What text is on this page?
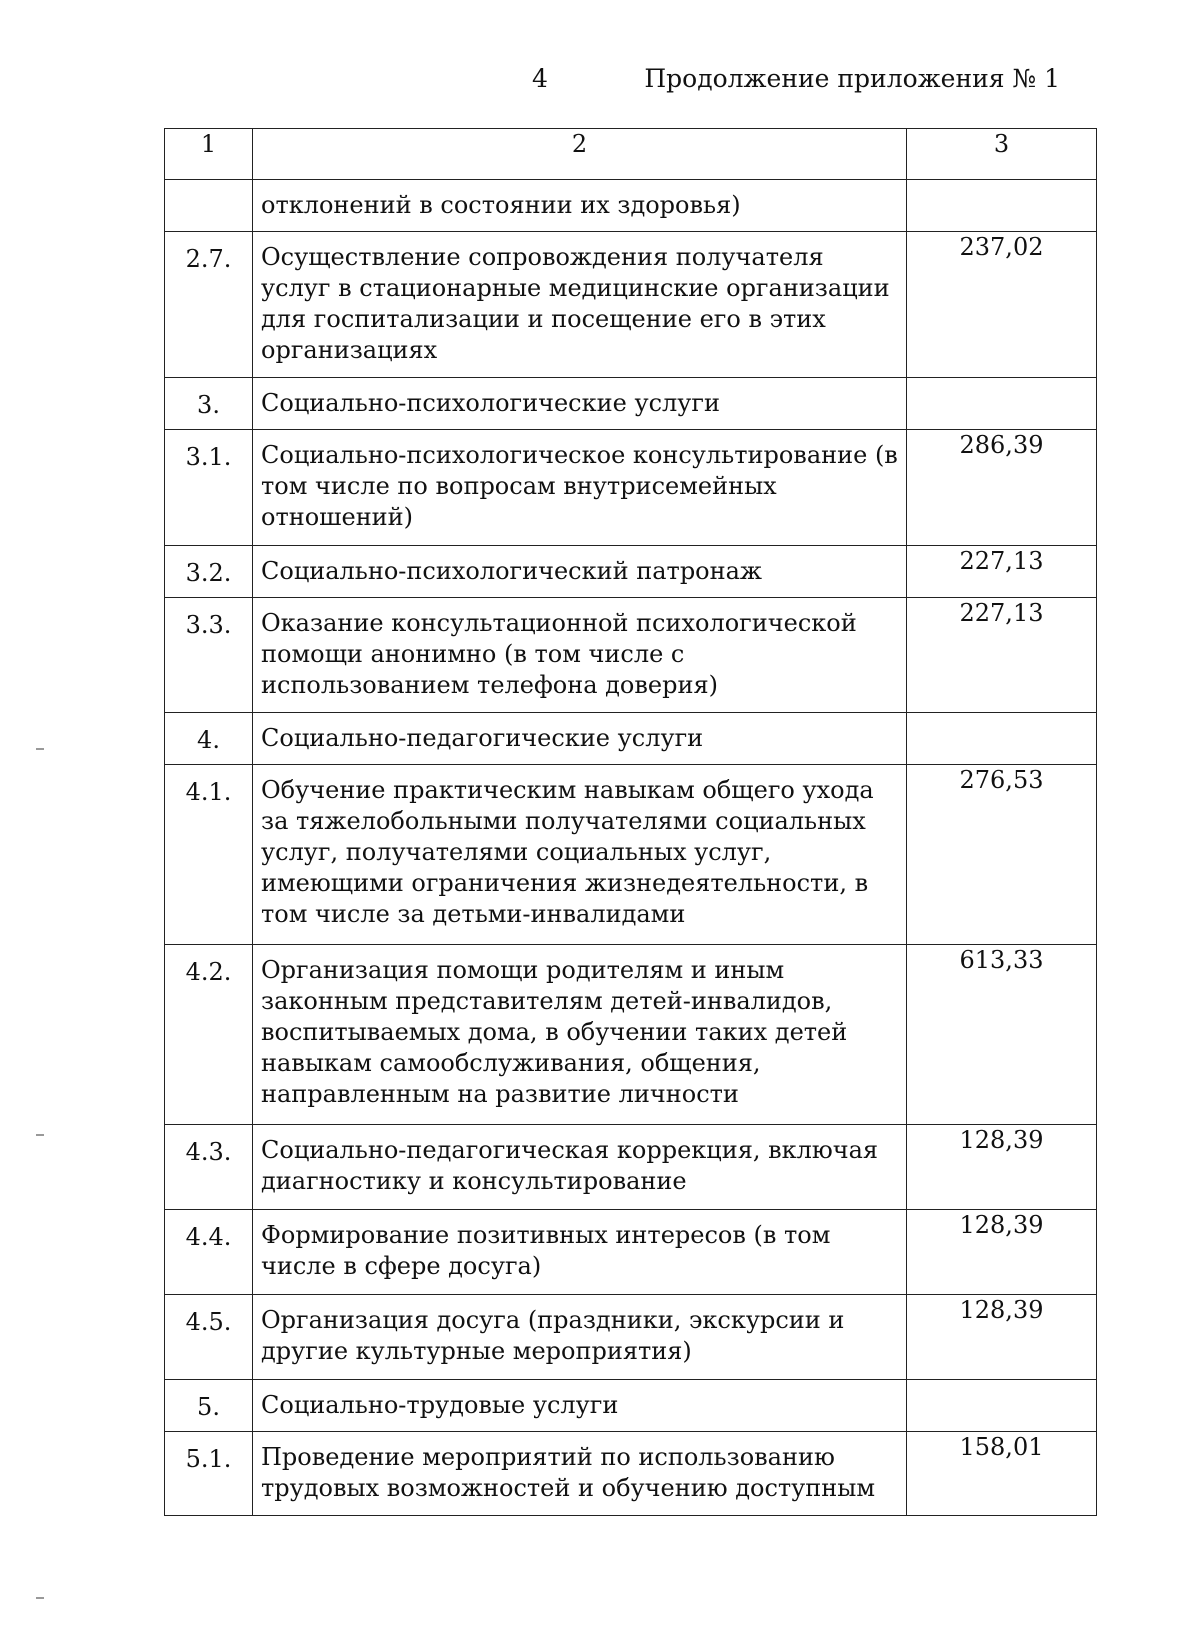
4	Продолжение приложения № 1
1	2	3
	отклонений в состоянии их здоровья)	
2.7.	Осуществление сопровождения получателя услуг в стационарные медицинские организации для госпитализации и посещение его в этих организациях	237,02
3.	Социально-психологические услуги	
3.1.	Социально-психологическое консультирование (в том числе по вопросам внутрисемейных отношений)	286,39
3.2.	Социально-психологический патронаж	227,13
3.3.	Оказание консультационной психологической помощи анонимно (в том числе с использованием телефона доверия)	227,13
4.	Социально-педагогические услуги	
4.1.	Обучение практическим навыкам общего ухода за тяжелобольными получателями социальных услуг, получателями социальных услуг, имеющими ограничения жизнедеятельности, в том числе за детьми-инвалидами	276,53
4.2.	Организация помощи родителям и иным законным представителям детей-инвалидов, воспитываемых дома, в обучении таких детей навыкам самообслуживания, общения, направленным на развитие личности	613,33
4.3.	Социально-педагогическая коррекция, включая диагностику и консультирование	128,39
4.4.	Формирование позитивных интересов (в том числе в сфере досуга)	128,39
4.5.	Организация досуга (праздники, экскурсии и другие культурные мероприятия)	128,39
5.	Социально-трудовые услуги	
5.1.	Проведение мероприятий по использованию трудовых возможностей и обучению доступным	158,01
